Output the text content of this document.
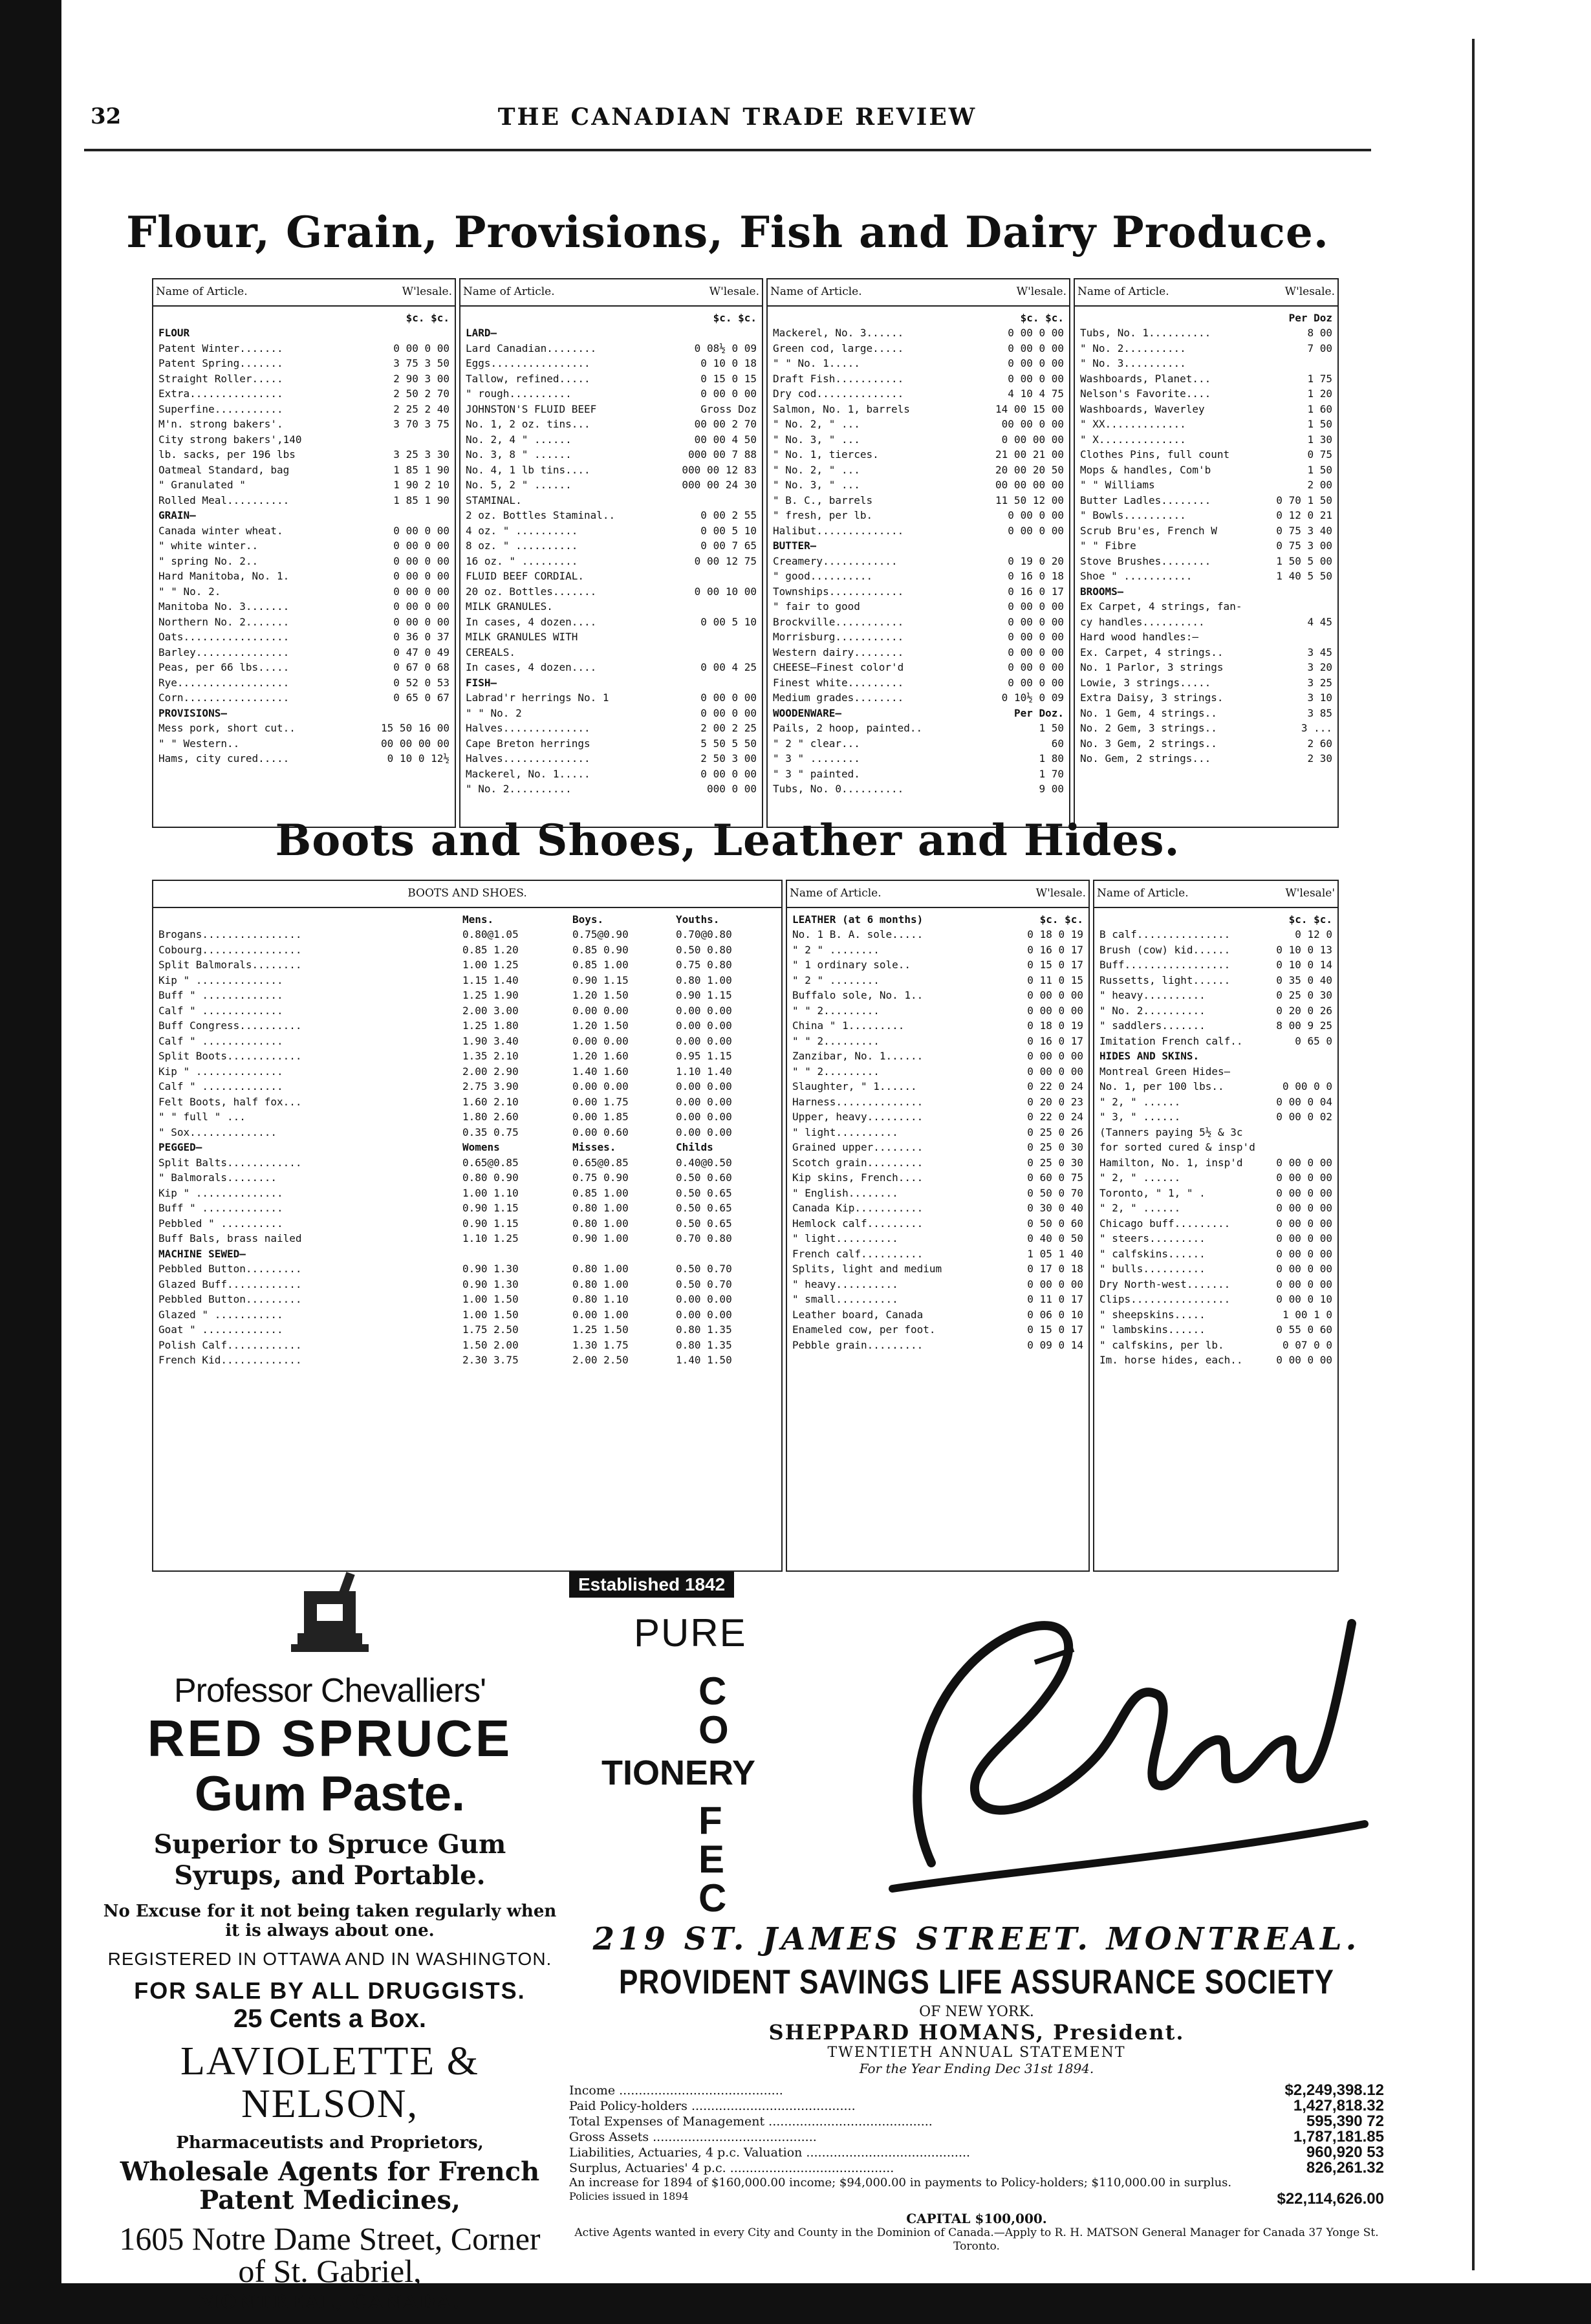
32	THE CANADIAN TRADE REVIEW
Flour, Grain, Provisions, Fish and Dairy Produce.
Name of Article.	W'lesale.
$c. $c.
FLOUR
Patent Winter.......	0 00 0 00
Patent Spring.......	3 75 3 50
Straight Roller.....	2 90 3 00
Extra...............	2 50 2 70
Superfine...........	2 25 2 40
M'n. strong bakers'.	3 70 3 75
City strong bakers',140
lb. sacks, per 196 lbs	3 25 3 30
Oatmeal Standard, bag	1 85 1 90
" Granulated "	1 90 2 10
Rolled Meal..........	1 85 1 90
GRAIN—
Canada winter wheat.	0 00 0 00
" white winter..	0 00 0 00
" spring No. 2..	0 00 0 00
Hard Manitoba, No. 1.	0 00 0 00
" " No. 2.	0 00 0 00
Manitoba No. 3.......	0 00 0 00
Northern No. 2.......	0 00 0 00
Oats.................	0 36 0 37
Barley...............	0 47 0 49
Peas, per 66 lbs.....	0 67 0 68
Rye..................	0 52 0 53
Corn.................	0 65 0 67
PROVISIONS—
Mess pork, short cut..	15 50 16 00
" " Western..	00 00 00 00
Hams, city cured.....	0 10 0 12½
Name of Article.	W'lesale.
$c. $c.
LARD—
Lard Canadian........	0 08½ 0 09
Eggs................	0 10 0 18
Tallow, refined.....	0 15 0 15
" rough..........	0 00 0 00
JOHNSTON'S FLUID BEEF	Gross Doz
No. 1, 2 oz. tins...	00 00 2 70
No. 2, 4 " ......	00 00 4 50
No. 3, 8 " ......	000 00 7 88
No. 4, 1 lb tins....	000 00 12 83
No. 5, 2 " ......	000 00 24 30
STAMINAL.
2 oz. Bottles Staminal..	0 00 2 55
4 oz. " ..........	0 00 5 10
8 oz. " ..........	0 00 7 65
16 oz. " .........	0 00 12 75
FLUID BEEF CORDIAL.
20 oz. Bottles.......	0 00 10 00
MILK GRANULES.
In cases, 4 dozen....	0 00 5 10
MILK GRANULES WITH
CEREALS.
In cases, 4 dozen....	0 00 4 25
FISH—
Labrad'r herrings No. 1	0 00 0 00
" " No. 2	0 00 0 00
Halves..............	2 00 2 25
Cape Breton herrings	5 50 5 50
Halves..............	2 50 3 00
Mackerel, No. 1.....	0 00 0 00
" No. 2..........	000 0 00
Name of Article.	W'lesale.
$c. $c.
Mackerel, No. 3......	0 00 0 00
Green cod, large.....	0 00 0 00
" " No. 1.....	0 00 0 00
Draft Fish...........	0 00 0 00
Dry cod..............	4 10 4 75
Salmon, No. 1, barrels	14 00 15 00
" No. 2, " ...	00 00 0 00
" No. 3, " ...	0 00 00 00
" No. 1, tierces.	21 00 21 00
" No. 2, " ...	20 00 20 50
" No. 3, " ...	00 00 00 00
" B. C., barrels	11 50 12 00
" fresh, per lb.	0 00 0 00
Halibut..............	0 00 0 00
BUTTER—
Creamery............	0 19 0 20
" good..........	0 16 0 18
Townships............	0 16 0 17
" fair to good	0 00 0 00
Brockville...........	0 00 0 00
Morrisburg...........	0 00 0 00
Western dairy........	0 00 0 00
CHEESE—Finest color'd	0 00 0 00
Finest white.........	0 00 0 00
Medium grades........	0 10½ 0 09
WOODENWARE—	Per Doz.
Pails, 2 hoop, painted..	1 50
" 2 " clear...	60
" 3 " ........	1 80
" 3 " painted.	1 70
Tubs, No. 0..........	9 00
Name of Article.	W'lesale.
Per Doz
Tubs, No. 1..........	8 00
" No. 2..........	7 00
" No. 3..........
Washboards, Planet...	1 75
Nelson's Favorite....	1 20
Washboards, Waverley	1 60
" XX.............	1 50
" X..............	1 30
Clothes Pins, full count	0 75
Mops & handles, Com'b	1 50
" " Williams	2 00
Butter Ladles........	0 70 1 50
" Bowls..........	0 12 0 21
Scrub Bru'es, French W	0 75 3 40
" " Fibre	0 75 3 00
Stove Brushes........	1 50 5 00
Shoe " ...........	1 40 5 50
BROOMS—
Ex Carpet, 4 strings, fan-
cy handles..........	4 45
Hard wood handles:—
Ex. Carpet, 4 strings..	3 45
No. 1 Parlor, 3 strings	3 20
Lowie, 3 strings.....	3 25
Extra Daisy, 3 strings.	3 10
No. 1 Gem, 4 strings..	3 85
No. 2 Gem, 3 strings..	3 ...
No. 3 Gem, 2 strings..	2 60
No. Gem, 2 strings...	2 30
Boots and Shoes, Leather and Hides.
BOOTS AND SHOES.
Mens.	Boys.	Youths.
Brogans................	0.80@1.05	0.75@0.90	0.70@0.80
Cobourg................	0.85 1.20	0.85 0.90	0.50 0.80
Split Balmorals........	1.00 1.25	0.85 1.00	0.75 0.80
Kip " ..............	1.15 1.40	0.90 1.15	0.80 1.00
Buff " .............	1.25 1.90	1.20 1.50	0.90 1.15
Calf " .............	2.00 3.00	0.00 0.00	0.00 0.00
Buff Congress..........	1.25 1.80	1.20 1.50	0.00 0.00
Calf " .............	1.90 3.40	0.00 0.00	0.00 0.00
Split Boots............	1.35 2.10	1.20 1.60	0.95 1.15
Kip " ..............	2.00 2.90	1.40 1.60	1.10 1.40
Calf " .............	2.75 3.90	0.00 0.00	0.00 0.00
Felt Boots, half fox...	1.60 2.10	0.00 1.75	0.00 0.00
" " full " ...	1.80 2.60	0.00 1.85	0.00 0.00
" Sox..............	0.35 0.75	0.00 0.60	0.00 0.00
PEGGED—	Womens	Misses.	Childs
Split Balts............	0.65@0.85	0.65@0.85	0.40@0.50
" Balmorals........	0.80 0.90	0.75 0.90	0.50 0.60
Kip " ..............	1.00 1.10	0.85 1.00	0.50 0.65
Buff " .............	0.90 1.15	0.80 1.00	0.50 0.65
Pebbled " ..........	0.90 1.15	0.80 1.00	0.50 0.65
Buff Bals, brass nailed	1.10 1.25	0.90 1.00	0.70 0.80
MACHINE SEWED—
Pebbled Button.........	0.90 1.30	0.80 1.00	0.50 0.70
Glazed Buff............	0.90 1.30	0.80 1.00	0.50 0.70
Pebbled Button.........	1.00 1.50	0.80 1.10	0.00 0.00
Glazed " ...........	1.00 1.50	0.00 1.00	0.00 0.00
Goat " .............	1.75 2.50	1.25 1.50	0.80 1.35
Polish Calf............	1.50 2.00	1.30 1.75	0.80 1.35
French Kid.............	2.30 3.75	2.00 2.50	1.40 1.50
Name of Article.	W'lesale.
LEATHER (at 6 months)	$c. $c.
No. 1 B. A. sole.....	0 18 0 19
" 2 " ........	0 16 0 17
" 1 ordinary sole..	0 15 0 17
" 2 " ........	0 11 0 15
Buffalo sole, No. 1..	0 00 0 00
" " 2.........	0 00 0 00
China " 1.........	0 18 0 19
" " 2.........	0 16 0 17
Zanzibar, No. 1......	0 00 0 00
" " 2.........	0 00 0 00
Slaughter, " 1......	0 22 0 24
Harness..............	0 20 0 23
Upper, heavy.........	0 22 0 24
" light..........	0 25 0 26
Grained upper........	0 25 0 30
Scotch grain.........	0 25 0 30
Kip skins, French....	0 60 0 75
" English........	0 50 0 70
Canada Kip...........	0 30 0 40
Hemlock calf.........	0 50 0 60
" light..........	0 40 0 50
French calf..........	1 05 1 40
Splits, light and medium	0 17 0 18
" heavy..........	0 00 0 00
" small..........	0 11 0 17
Leather board, Canada	0 06 0 10
Enameled cow, per foot.	0 15 0 17
Pebble grain.........	0 09 0 14
Name of Article.	W'lesale'
$c. $c.
B calf...............	0 12 0
Brush (cow) kid......	0 10 0 13
Buff.................	0 10 0 14
Russetts, light......	0 35 0 40
" heavy..........	0 25 0 30
" No. 2..........	0 20 0 26
" saddlers.......	8 00 9 25
Imitation French calf..	0 65 0
HIDES AND SKINS.
Montreal Green Hides—
No. 1, per 100 lbs..	0 00 0 0
" 2, " ......	0 00 0 04
" 3, " ......	0 00 0 02
(Tanners paying 5½ & 3c
for sorted cured & insp'd
Hamilton, No. 1, insp'd	0 00 0 00
" 2, " ......	0 00 0 00
Toronto, " 1, " .	0 00 0 00
" 2, " ......	0 00 0 00
Chicago buff.........	0 00 0 00
" steers.........	0 00 0 00
" calfskins......	0 00 0 00
" bulls..........	0 00 0 00
Dry North-west.......	0 00 0 00
Clips................	0 00 0 10
" sheepskins.....	1 00 1 0
" lambskins......	0 55 0 60
" calfskins, per lb.	0 07 0 0
Im. horse hides, each..	0 00 0 00
Professor Chevalliers'
RED SPRUCE
Gum Paste.
Superior to Spruce Gum
Syrups, and Portable.
No Excuse for it not being taken regularly when it is always about one.
REGISTERED IN OTTAWA AND IN WASHINGTON.
FOR SALE BY ALL DRUGGISTS.
25 Cents a Box.
LAVIOLETTE & NELSON,
Pharmaceutists and Proprietors,
Wholesale Agents for French Patent Medicines,
1605 Notre Dame Street, Corner
of St. Gabriel,
MONTREAL, CANADA.
Established 1842
PURE
C
O
TIONERY
F
E
C
219 ST. JAMES STREET. MONTREAL.
PROVIDENT SAVINGS LIFE ASSURANCE SOCIETY
OF NEW YORK.
SHEPPARD HOMANS, President.
TWENTIETH ANNUAL STATEMENT
For the Year Ending Dec 31st 1894.
Income ..........................................	$2,249,398.12
Paid Policy-holders ..........................................	1,427,818.32
Total Expenses of Management ..........................................	595,390 72
Gross Assets ..........................................	1,787,181.85
Liabilities, Actuaries, 4 p.c. Valuation ..........................................	960,920 53
Surplus, Actuaries' 4 p.c. ..........................................	826,261.32
An increase for 1894 of $160,000.00 income; $94,000.00 in payments to Policy-holders; $110,000.00 in surplus.
Policies issued in 1894	$22,114,626.00
CAPITAL $100,000.
Active Agents wanted in every City and County in the Dominion of Canada.—Apply to R. H. MATSON General Manager for Canada 37 Yonge St. Toronto.
